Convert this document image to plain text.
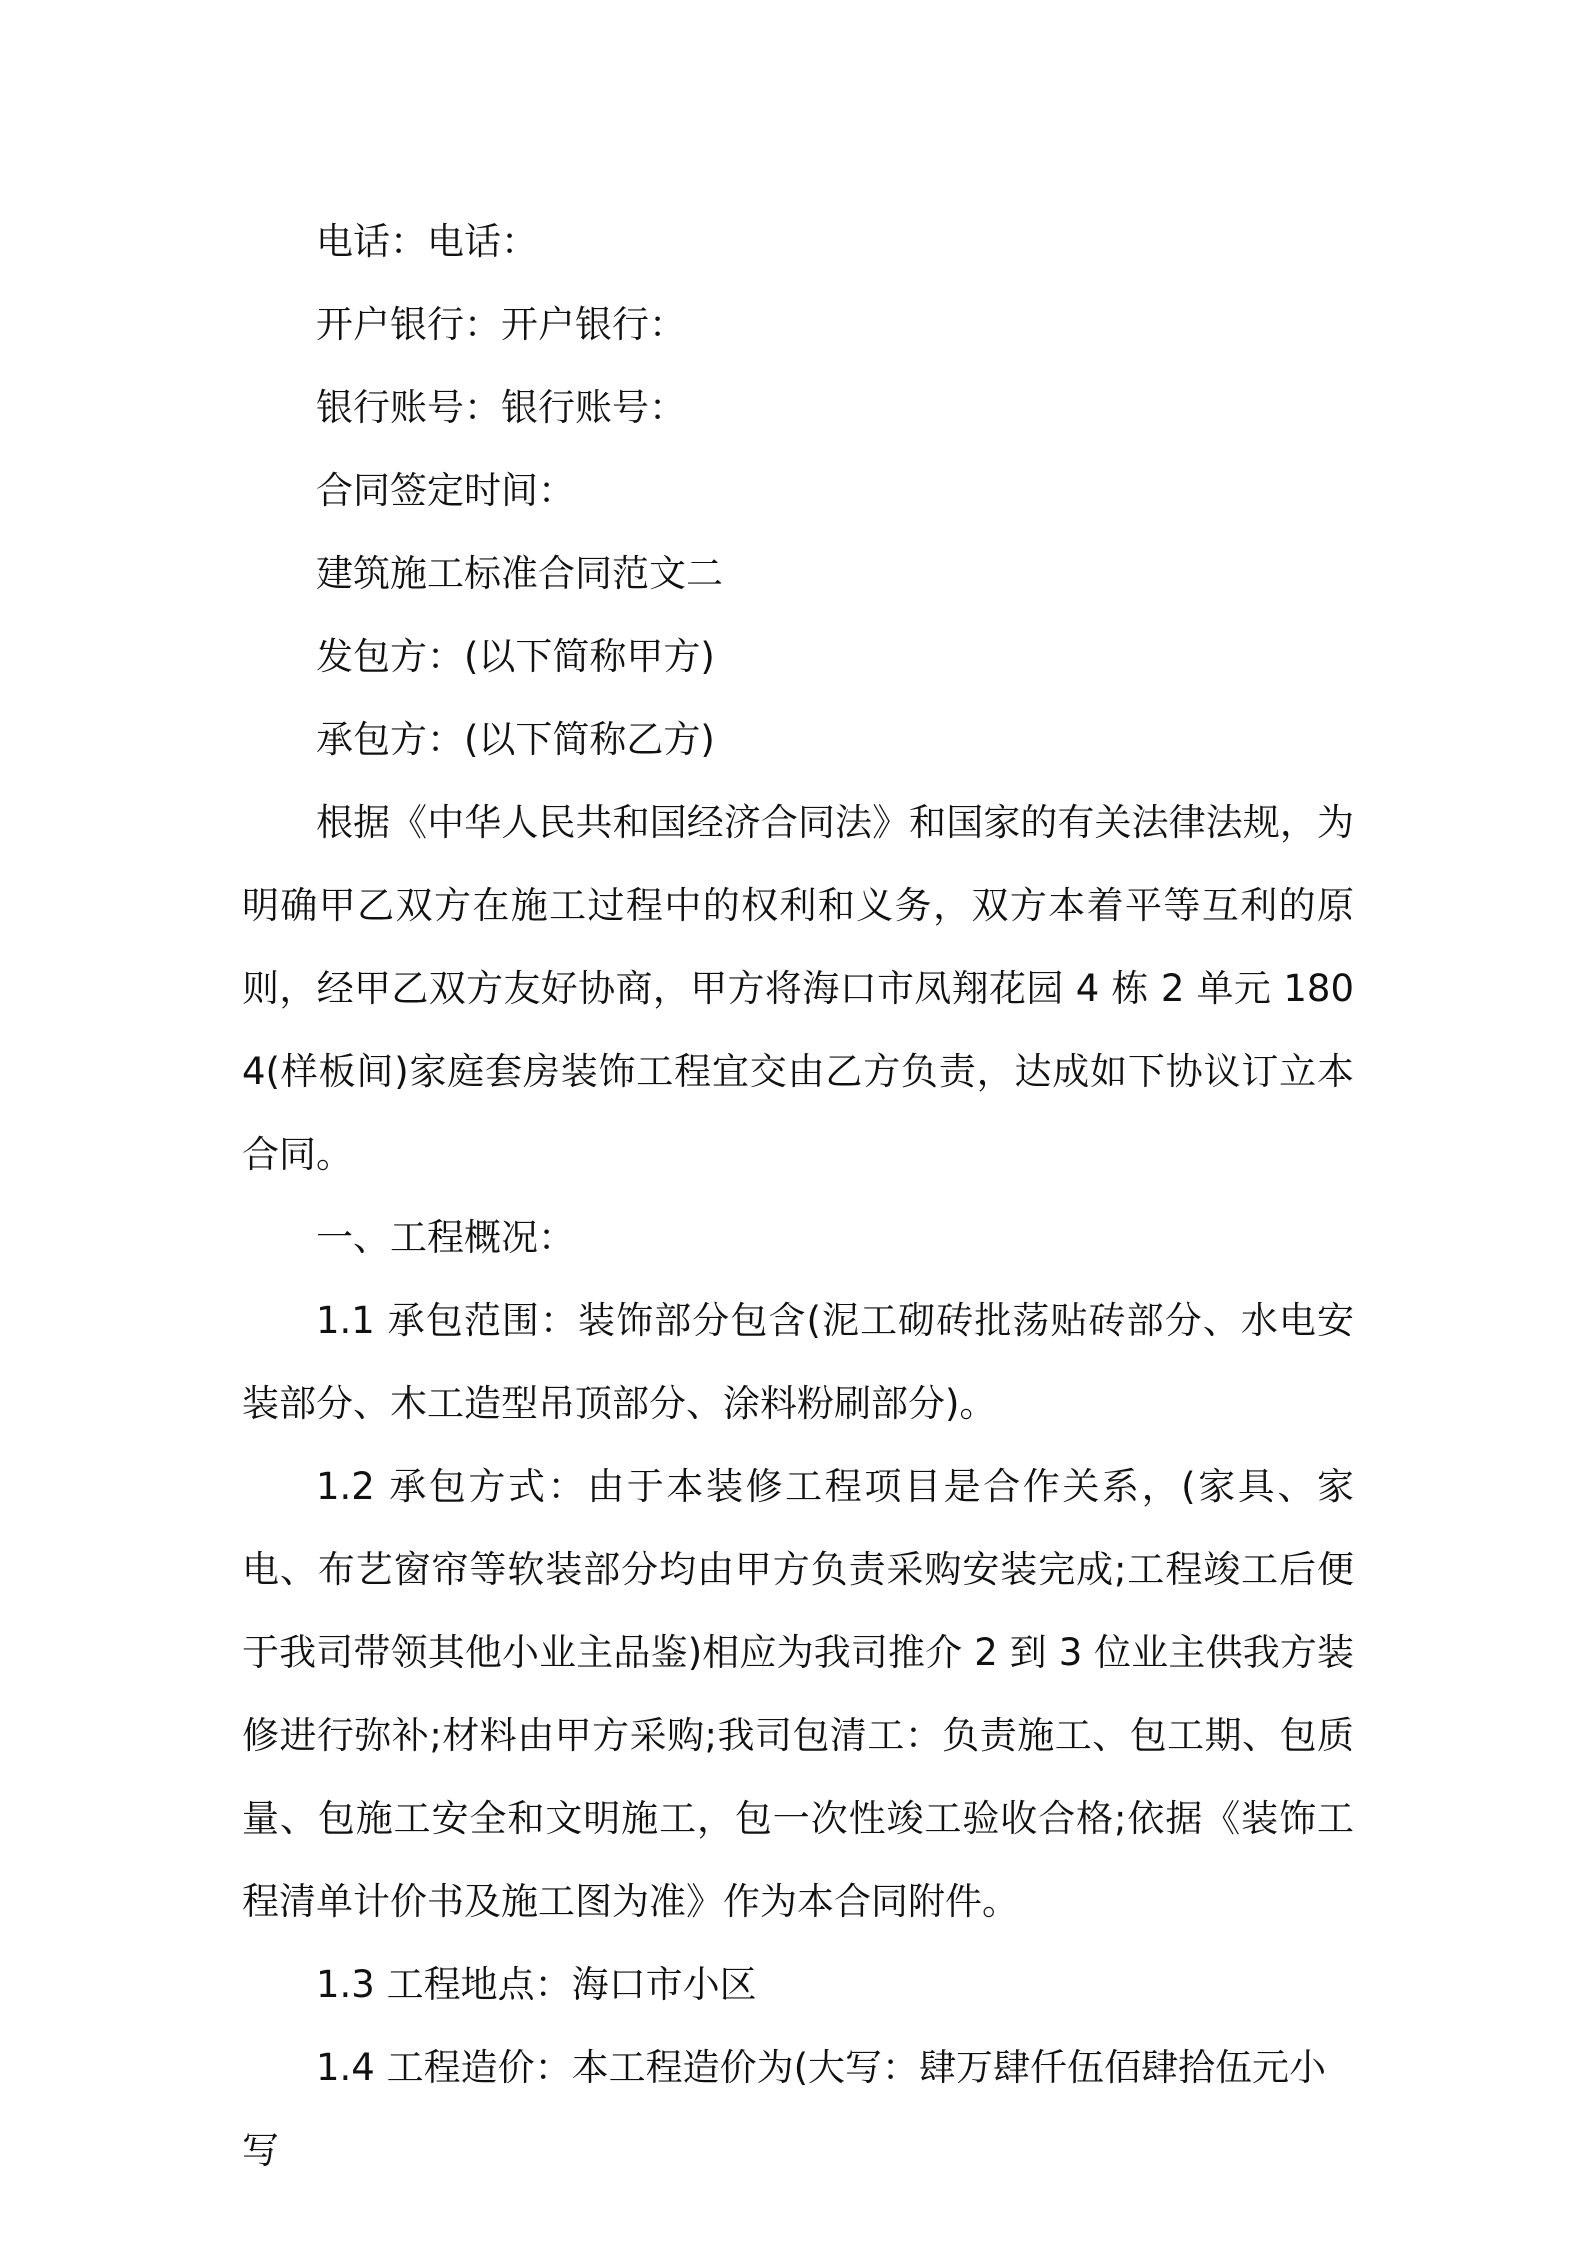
电话：电话：

开户银行：开户银行：

银行账号：银行账号：

合同签定时间：

建筑施工标准合同范文二

发包方：(以下简称甲方)

承包方：(以下简称乙方)

根据《中华人民共和国经济合同法》和国家的有关法律法规，为明确甲乙双方在施工过程中的权利和义务，双方本着平等互利的原则，经甲乙双方友好协商，甲方将海口市凤翔花园 4 栋 2 单元 1804(样板间)家庭套房装饰工程宜交由乙方负责，达成如下协议订立本合同。

一、工程概况：

1.1 承包范围：装饰部分包含(泥工砌砖批荡贴砖部分、水电安装部分、木工造型吊顶部分、涂料粉刷部分)。

1.2 承包方式：由于本装修工程项目是合作关系，(家具、家电、布艺窗帘等软装部分均由甲方负责采购安装完成;工程竣工后便于我司带领其他小业主品鉴)相应为我司推介 2 到 3 位业主供我方装修进行弥补;材料由甲方采购;我司包清工：负责施工、包工期、包质量、包施工安全和文明施工，包一次性竣工验收合格;依据《装饰工程清单计价书及施工图为准》作为本合同附件。

1.3 工程地点：海口市小区

1.4 工程造价：本工程造价为(大写：肆万肆仟伍佰肆拾伍元小写
